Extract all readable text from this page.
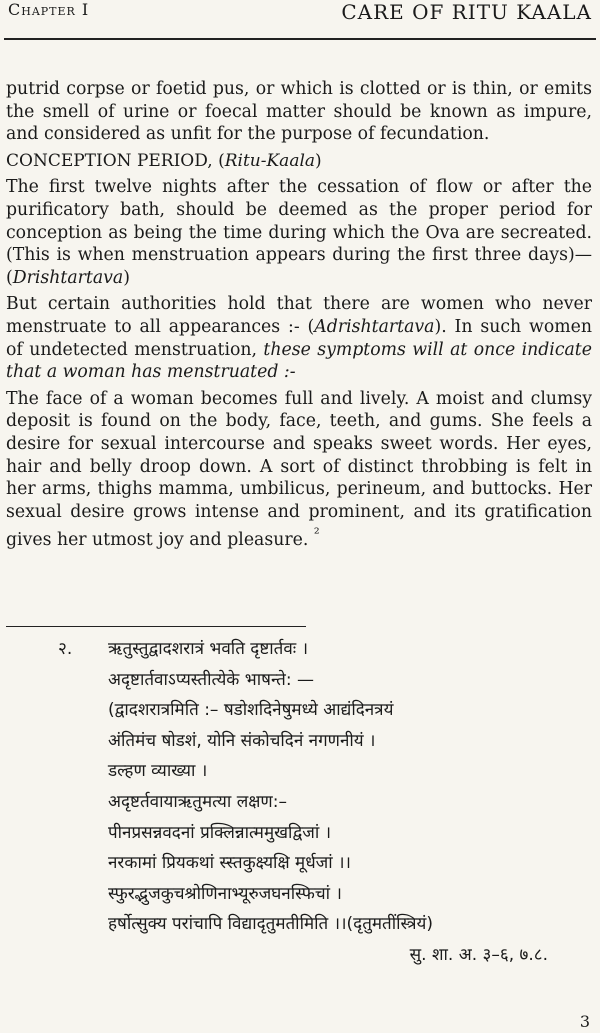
Chapter I	CARE OF RITU KAALA

putrid corpse or foetid pus, or which is clotted or is thin, or emits the smell of urine or foecal matter should be known as impure, and considered as unfit for the purpose of fecundation.

CONCEPTION PERIOD, (Ritu-Kaala)

The first twelve nights after the cessation of flow or after the purificatory bath, should be deemed as the proper period for conception as being the time during which the Ova are secreated. (This is when menstruation appears during the first three days)—(Drishtartava)

But certain authorities hold that there are women who never menstruate to all appearances :- (Adrishtartava). In such women of undetected menstruation, these symptoms will at once indicate that a woman has menstruated :-

The face of a woman becomes full and lively. A moist and clumsy deposit is found on the body, face, teeth, and gums. She feels a desire for sexual intercourse and speaks sweet words. Her eyes, hair and belly droop down. A sort of distinct throbbing is felt in her arms, thighs mamma, umbilicus, perineum, and buttocks. Her sexual desire grows intense and prominent, and its gratification gives her utmost joy and pleasure. $^{^2}$

२. ऋतुस्तुद्वादशरात्रं भवति दृष्टार्तवः ।
अदृष्टार्तवाऽप्यस्तीत्येके भाषन्ते: —
(द्वादशरात्रमिति :– षडोशदिनेषुमध्ये आद्यंदिनत्रयं
अंतिमंच षोडशं, योनि संकोचदिनं नगणनीयं ।
डल्हण व्याख्या ।
अदृष्टर्तवायाऋतुमत्या लक्षण:–
पीनप्रसन्नवदनां प्रक्लिन्नात्ममुखद्विजां ।
नरकामां प्रियकथां स्स्तकुक्ष्यक्षि मूर्धजां ।।
स्फुरद्भुजकुचश्रोणिनाभ्यूरुजघनस्फिचां ।
हर्षोत्सुक्य परांचापि विद्यादृतुमतीमिति ।।(दृतुमतींस्त्रियं)
सु. शा. अ. ३–६, ७.८.
3
